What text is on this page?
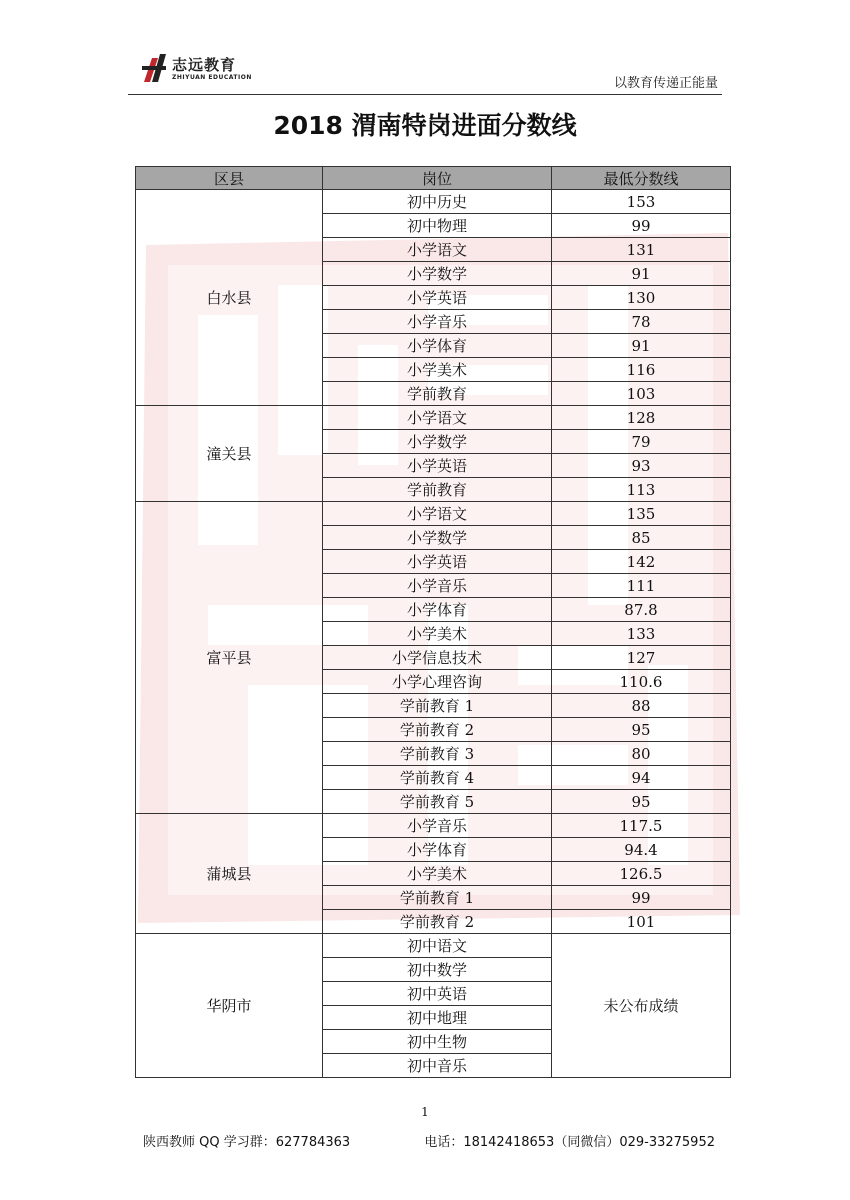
志远教育
ZHIYUAN EDUCATION	以教育传递正能量
2018 渭南特岗进面分数线
区县	岗位	最低分数线
白水县	初中历史	153
	初中物理	99
	小学语文	131
	小学数学	91
	小学英语	130
	小学音乐	78
	小学体育	91
	小学美术	116
	学前教育	103
潼关县	小学语文	128
	小学数学	79
	小学英语	93
	学前教育	113
富平县	小学语文	135
	小学数学	85
	小学英语	142
	小学音乐	111
	小学体育	87.8
	小学美术	133
	小学信息技术	127
	小学心理咨询	110.6
	学前教育 1	88
	学前教育 2	95
	学前教育 3	80
	学前教育 4	94
	学前教育 5	95
蒲城县	小学音乐	117.5
	小学体育	94.4
	小学美术	126.5
	学前教育 1	99
	学前教育 2	101
华阴市	初中语文	未公布成绩
	初中数学	
	初中英语	
	初中地理	
	初中生物	
	初中音乐	
1
陕西教师 QQ 学习群：627784363	电话：18142418653（同微信）029-33275952
